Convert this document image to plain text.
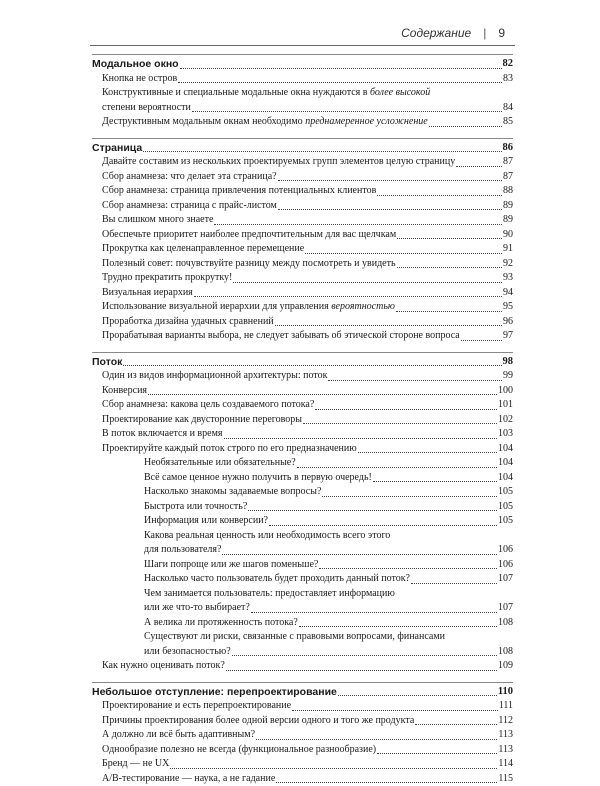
Содержание | 9
Модальное окно	82
Кнопка не остров	83
Конструктивные и специальные модальные окна нуждаются в более высокой
степени вероятности	84
Деструктивным модальным окнам необходимо преднамеренное усложнение	85
Страница	86
Давайте составим из нескольких проектируемых групп элементов целую страницу	87
Сбор анамнеза: что делает эта страница?	87
Сбор анамнеза: страница привлечения потенциальных клиентов	88
Сбор анамнеза: страница с прайс-листом	89
Вы слишком много знаете	89
Обеспечьте приоритет наиболее предпочтительным для вас щелчкам	90
Прокрутка как целенаправленное перемещение	91
Полезный совет: почувствуйте разницу между посмотреть и увидеть	92
Трудно прекратить прокрутку!	93
Визуальная иерархия	94
Использование визуальной иерархии для управления вероятностью	95
Проработка дизайна удачных сравнений	96
Прорабатывая варианты выбора, не следует забывать об этической стороне вопроса	97
Поток	98
Один из видов информационной архитектуры: поток	99
Конверсия	100
Сбор анамнеза: какова цель создаваемого потока?	101
Проектирование как двусторонние переговоры	102
В поток включается и время	103
Проектируйте каждый поток строго по его предназначению	104
Необязательные или обязательные?	104
Всё самое ценное нужно получить в первую очередь!	104
Насколько знакомы задаваемые вопросы?	105
Быстрота или точность?	105
Информация или конверсии?	105
Какова реальная ценность или необходимость всего этого
для пользователя?	106
Шаги попроще или же шагов поменьше?	106
Насколько часто пользователь будет проходить данный поток?	107
Чем занимается пользователь: предоставляет информацию
или же что-то выбирает?	107
А велика ли протяженность потока?	108
Существуют ли риски, связанные с правовыми вопросами, финансами
или безопасностью?	108
Как нужно оценивать поток?	109
Небольшое отступление: перепроектирование	110
Проектирование и есть перепроектирование	111
Причины проектирования более одной версии одного и того же продукта	112
А должно ли всё быть адаптивным?	113
Однообразие полезно не всегда (функциональное разнообразие)	113
Бренд — не UX	114
A/B-тестирование — наука, а не гадание	115
